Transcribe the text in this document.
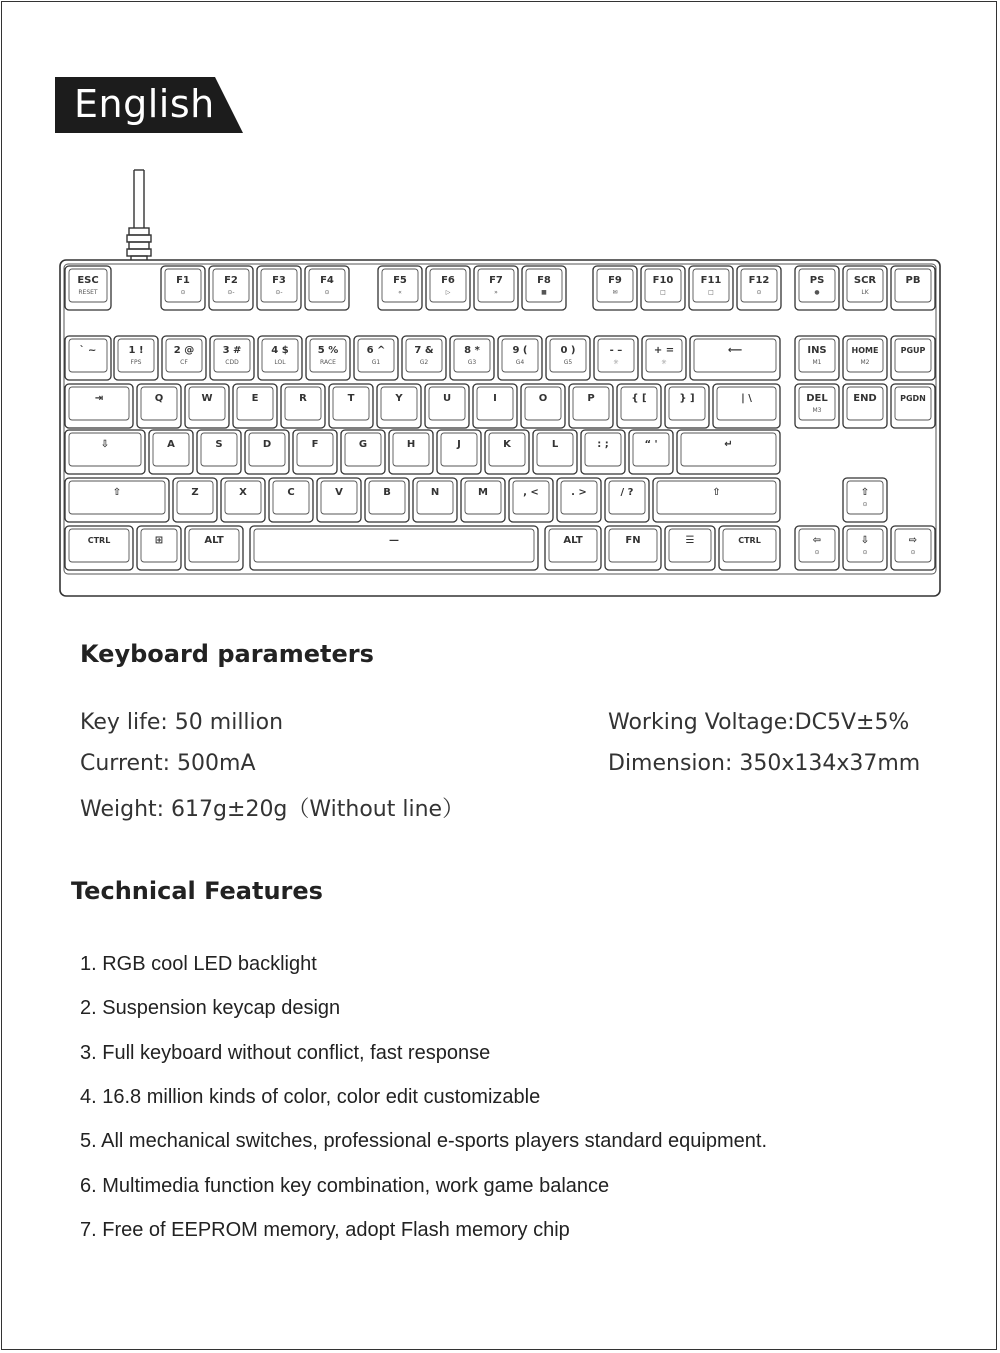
English
ESC
RESET
F1
⊙
F2
⊙-
F3
⊙-
F4
⊙
F5
«
F6
▷
F7
»
F8
■
F9
✉
F10
□
F11
□
F12
⊙
PS
●
SCR
LK
PB
` ~	1 !
FPS
2 @
CF
3 #
CDD
4 $
LOL
5 %
RACE
6 ^
G1
7 &
G2
8 *
G3
9 (
G4
0 )
G5
- –
☼
+ =
☼
⟵	INS
M1
HOME
M2
PGUP
⇥	Q	W	E	R	T	Y	U	I	O	P	{ [	} ]	| \	DEL
M3
END	PGDN
⇩	A	S	D	F	G	H	J	K	L	: ;	“ '	↵
⇧	Z	X	C	V	B	N	M	, <	. >	/ ?	⇧	⇧
⊙
CTRL	⊞	ALT	—	ALT	FN	☰	CTRL	⇦
⊙
⇩
⊙
⇨
⊙
Keyboard parameters
Key life: 50 million
Current: 500mA
Weight: 617g±20g（Without line）
Working Voltage:DC5V±5%
Dimension: 350x134x37mm
Technical Features
1. RGB cool LED backlight
2. Suspension keycap design
3. Full keyboard without conflict, fast response
4. 16.8 million kinds of color, color edit customizable
5. All mechanical switches, professional e-sports players standard equipment.
6. Multimedia function key combination, work game balance
7. Free of EEPROM memory, adopt Flash memory chip
